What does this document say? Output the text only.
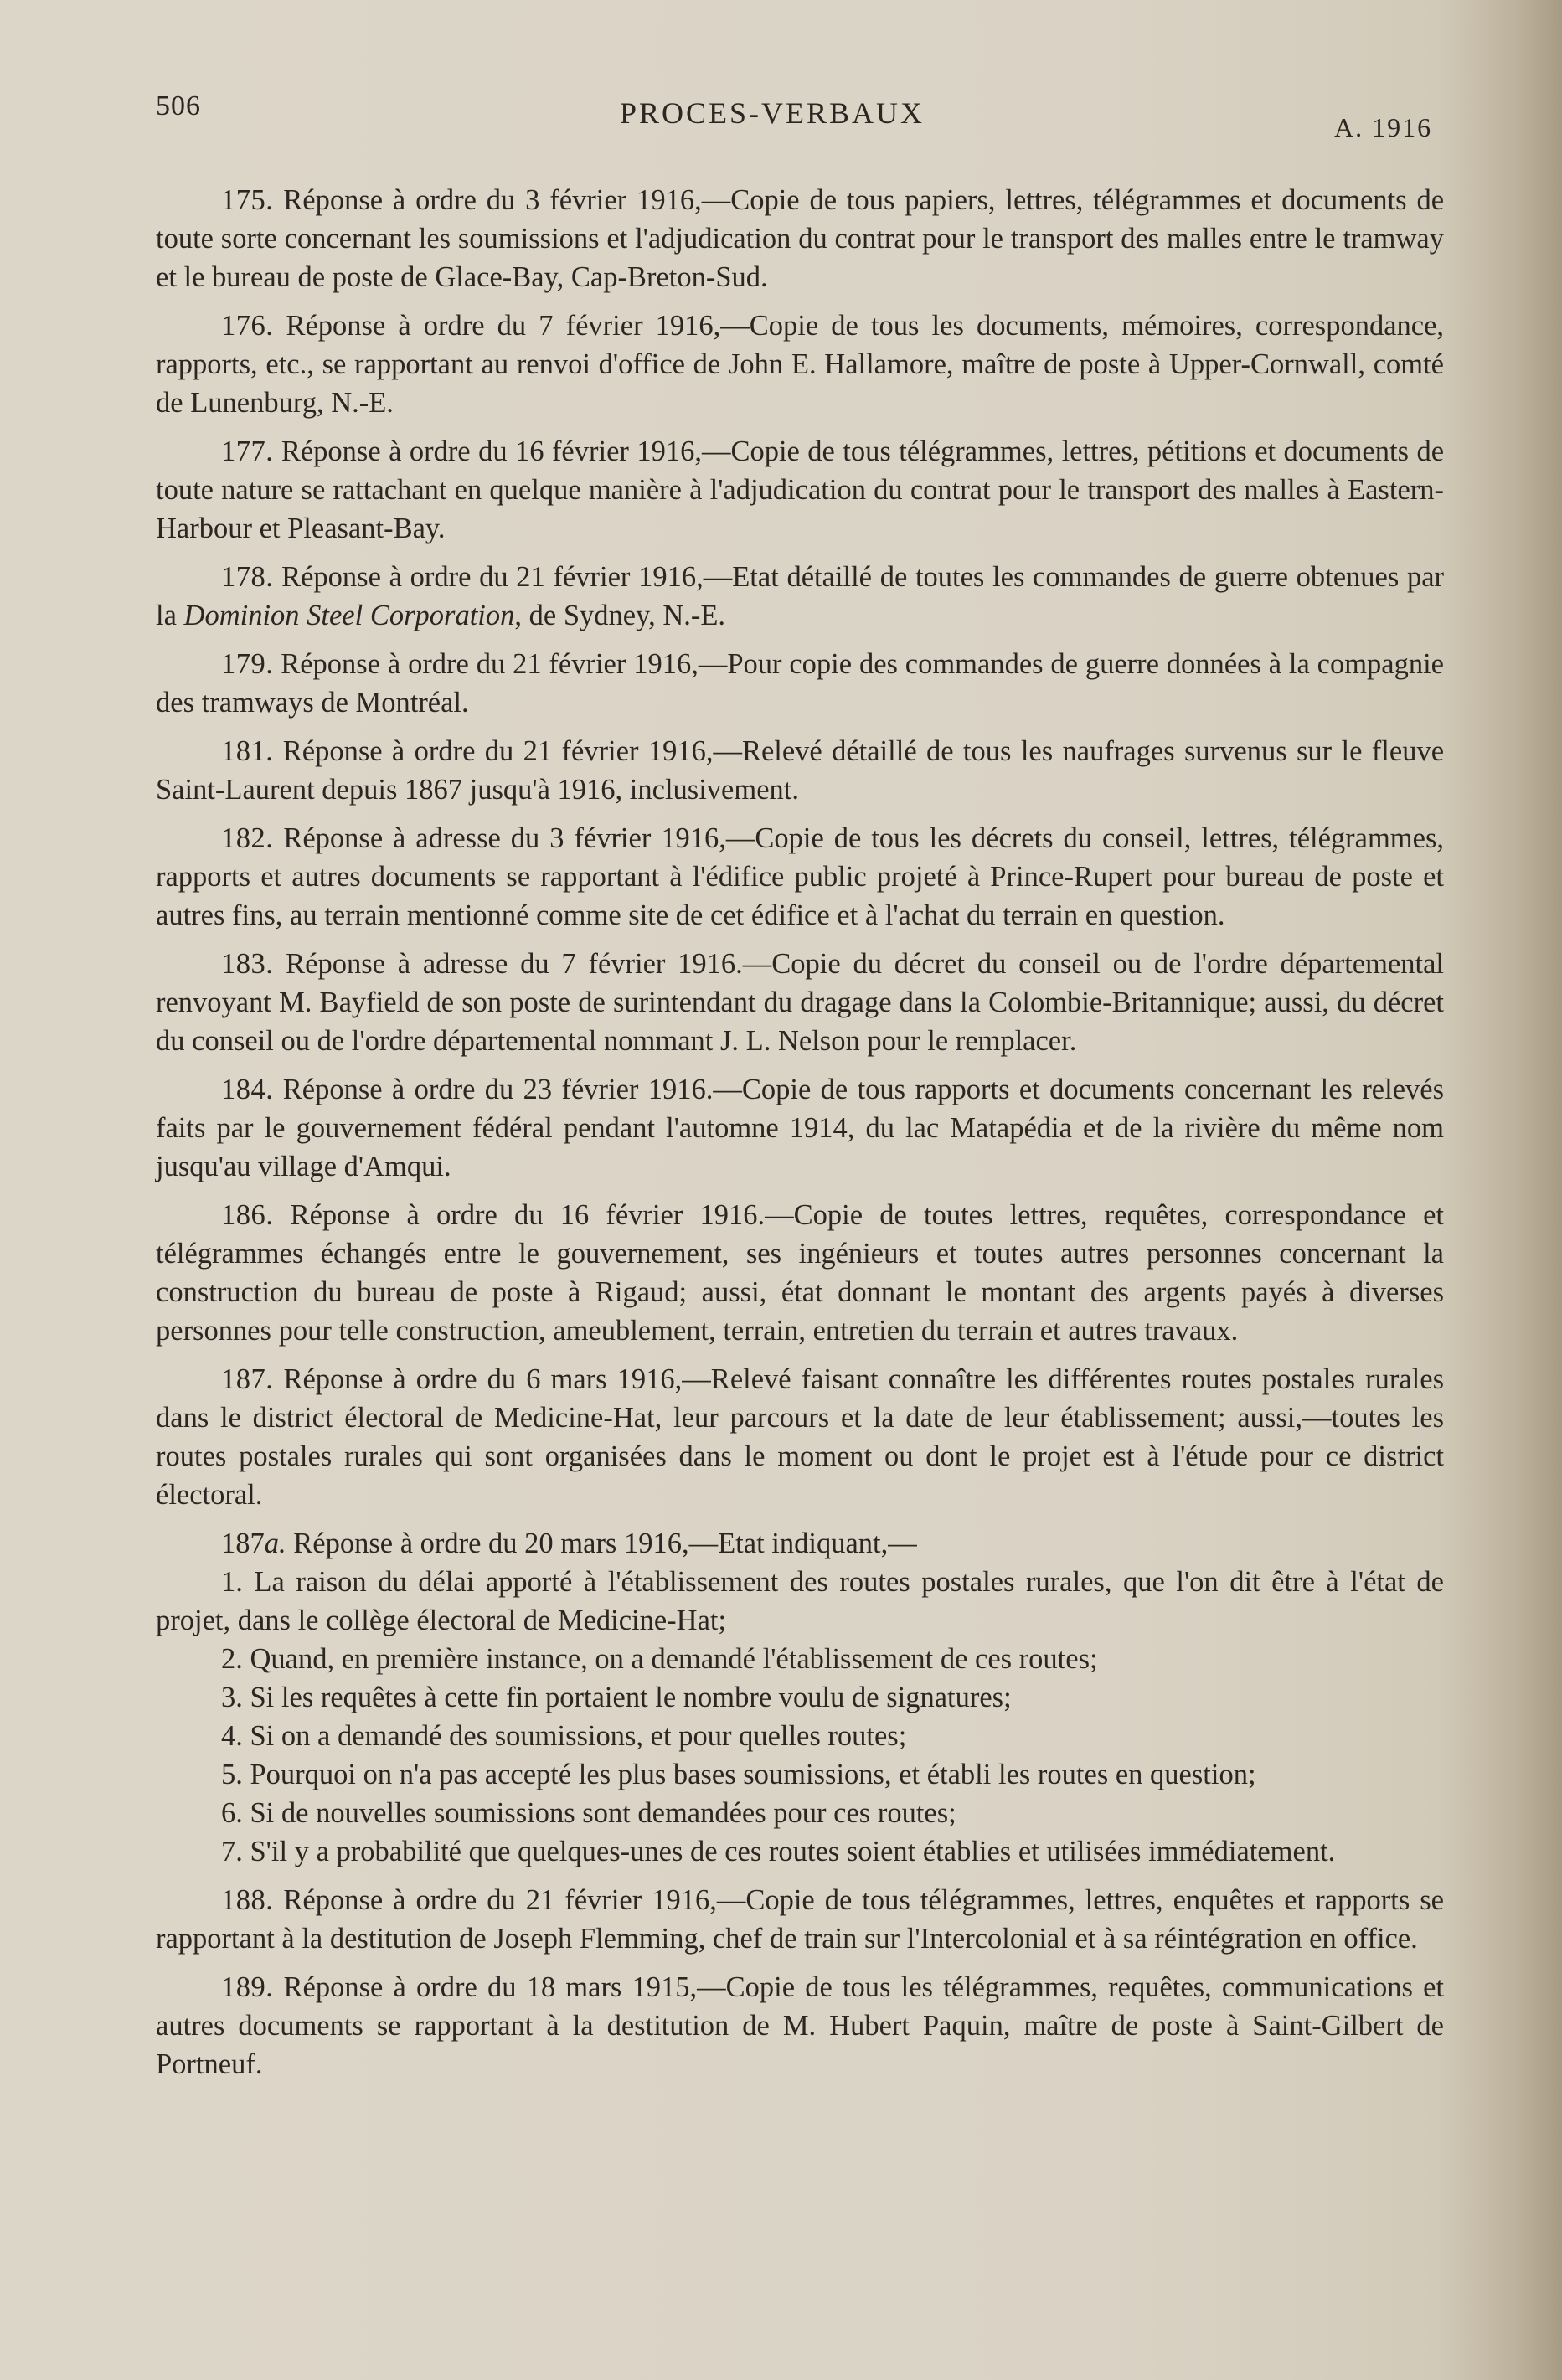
506	PROCES-VERBAUX	A. 1916

175. Réponse à ordre du 3 février 1916,—Copie de tous papiers, lettres, télégrammes et documents de toute sorte concernant les soumissions et l'adjudication du contrat pour le transport des malles entre le tramway et le bureau de poste de Glace-Bay, Cap-Breton-Sud.

176. Réponse à ordre du 7 février 1916,—Copie de tous les documents, mémoires, correspondance, rapports, etc., se rapportant au renvoi d'office de John E. Hallamore, maître de poste à Upper-Cornwall, comté de Lunenburg, N.-E.

177. Réponse à ordre du 16 février 1916,—Copie de tous télégrammes, lettres, pétitions et documents de toute nature se rattachant en quelque manière à l'adjudication du contrat pour le transport des malles à Eastern-Harbour et Pleasant-Bay.

178. Réponse à ordre du 21 février 1916,—Etat détaillé de toutes les commandes de guerre obtenues par la Dominion Steel Corporation, de Sydney, N.-E.

179. Réponse à ordre du 21 février 1916,—Pour copie des commandes de guerre données à la compagnie des tramways de Montréal.

181. Réponse à ordre du 21 février 1916,—Relevé détaillé de tous les naufrages survenus sur le fleuve Saint-Laurent depuis 1867 jusqu'à 1916, inclusivement.

182. Réponse à adresse du 3 février 1916,—Copie de tous les décrets du conseil, lettres, télégrammes, rapports et autres documents se rapportant à l'édifice public projeté à Prince-Rupert pour bureau de poste et autres fins, au terrain mentionné comme site de cet édifice et à l'achat du terrain en question.

183. Réponse à adresse du 7 février 1916.—Copie du décret du conseil ou de l'ordre départemental renvoyant M. Bayfield de son poste de surintendant du dragage dans la Colombie-Britannique; aussi, du décret du conseil ou de l'ordre départemental nommant J. L. Nelson pour le remplacer.

184. Réponse à ordre du 23 février 1916.—Copie de tous rapports et documents concernant les relevés faits par le gouvernement fédéral pendant l'automne 1914, du lac Matapédia et de la rivière du même nom jusqu'au village d'Amqui.

186. Réponse à ordre du 16 février 1916.—Copie de toutes lettres, requêtes, correspondance et télégrammes échangés entre le gouvernement, ses ingénieurs et toutes autres personnes concernant la construction du bureau de poste à Rigaud; aussi, état donnant le montant des argents payés à diverses personnes pour telle construction, ameublement, terrain, entretien du terrain et autres travaux.

187. Réponse à ordre du 6 mars 1916,—Relevé faisant connaître les différentes routes postales rurales dans le district électoral de Medicine-Hat, leur parcours et la date de leur établissement; aussi,—toutes les routes postales rurales qui sont organisées dans le moment ou dont le projet est à l'étude pour ce district électoral.

187a. Réponse à ordre du 20 mars 1916,—Etat indiquant,—

1. La raison du délai apporté à l'établissement des routes postales rurales, que l'on dit être à l'état de projet, dans le collège électoral de Medicine-Hat;

2. Quand, en première instance, on a demandé l'établissement de ces routes;

3. Si les requêtes à cette fin portaient le nombre voulu de signatures;

4. Si on a demandé des soumissions, et pour quelles routes;

5. Pourquoi on n'a pas accepté les plus bases soumissions, et établi les routes en question;

6. Si de nouvelles soumissions sont demandées pour ces routes;

7. S'il y a probabilité que quelques-unes de ces routes soient établies et utilisées immédiatement.

188. Réponse à ordre du 21 février 1916,—Copie de tous télégrammes, lettres, enquêtes et rapports se rapportant à la destitution de Joseph Flemming, chef de train sur l'Intercolonial et à sa réintégration en office.

189. Réponse à ordre du 18 mars 1915,—Copie de tous les télégrammes, requêtes, communications et autres documents se rapportant à la destitution de M. Hubert Paquin, maître de poste à Saint-Gilbert de Portneuf.
